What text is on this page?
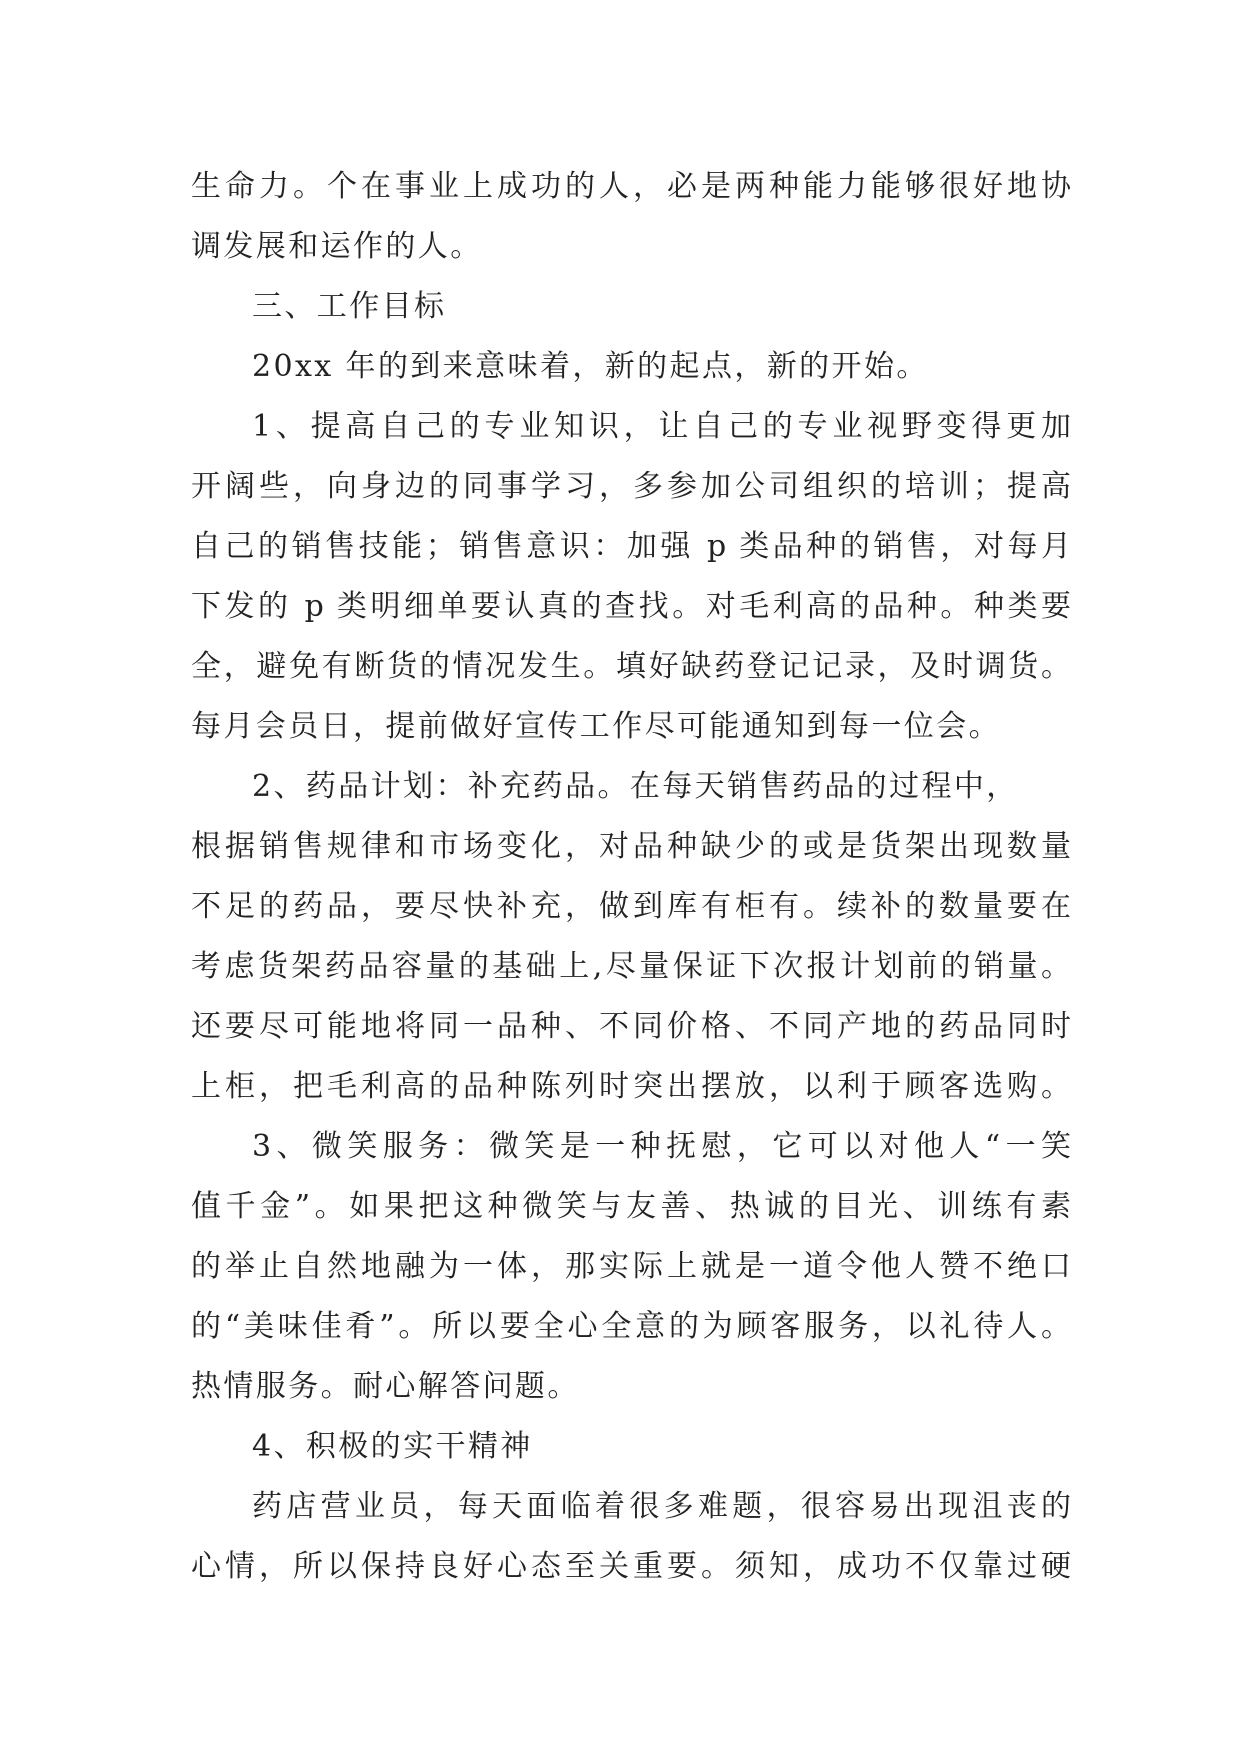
生命力。个在事业上成功的人，必是两种能力能够很好地协
调发展和运作的人。
三、工作目标
20xx 年的到来意味着，新的起点，新的开始。
1、提高自己的专业知识，让自己的专业视野变得更加
开阔些，向身边的同事学习，多参加公司组织的培训；提高
自己的销售技能；销售意识：加强 p 类品种的销售，对每月
下发的 p 类明细单要认真的查找。对毛利高的品种。种类要
全，避免有断货的情况发生。填好缺药登记记录，及时调货。
每月会员日，提前做好宣传工作尽可能通知到每一位会。
2、药品计划：补充药品。在每天销售药品的过程中，
根据销售规律和市场变化，对品种缺少的或是货架出现数量
不足的药品，要尽快补充，做到库有柜有。续补的数量要在
考虑货架药品容量的基础上,尽量保证下次报计划前的销量。
还要尽可能地将同一品种、不同价格、不同产地的药品同时
上柜，把毛利高的品种陈列时突出摆放，以利于顾客选购。
3、微笑服务：微笑是一种抚慰，它可以对他人“一笑
值千金”。如果把这种微笑与友善、热诚的目光、训练有素
的举止自然地融为一体，那实际上就是一道令他人赞不绝口
的“美味佳肴”。所以要全心全意的为顾客服务，以礼待人。
热情服务。耐心解答问题。
4、积极的实干精神
药店营业员，每天面临着很多难题，很容易出现沮丧的
心情，所以保持良好心态至关重要。须知，成功不仅靠过硬
